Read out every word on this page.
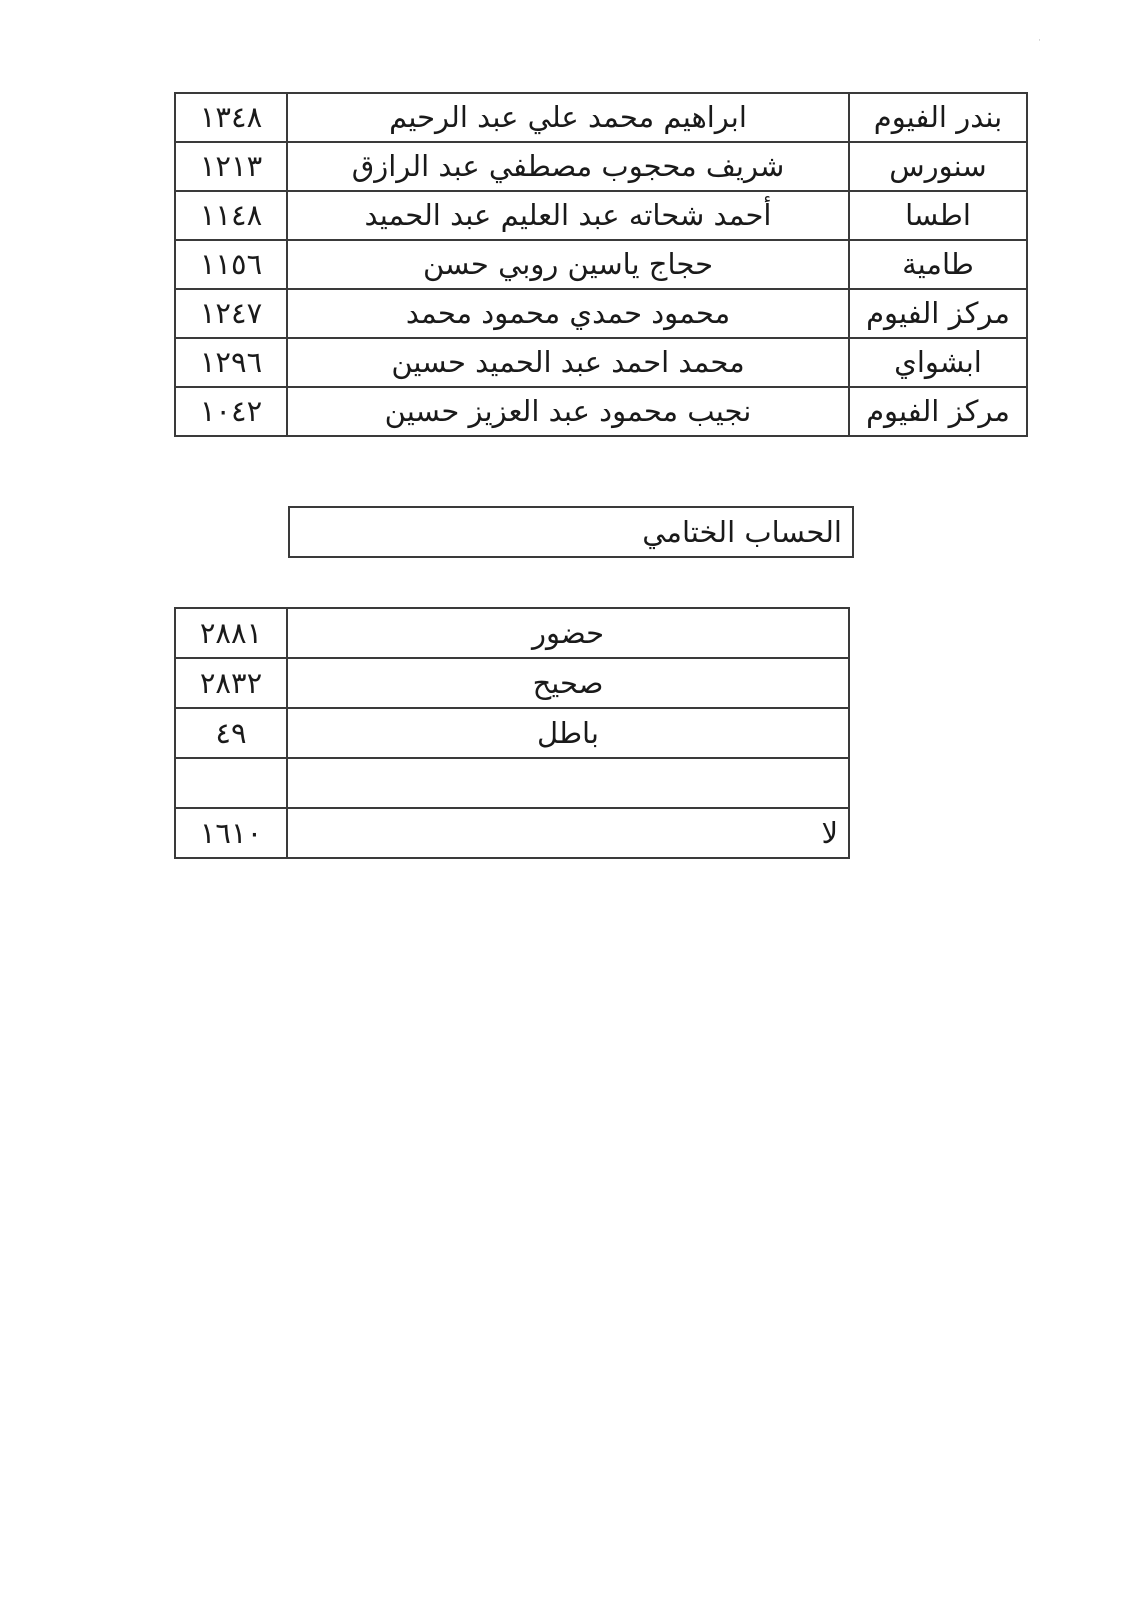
·
بندر الفيوم	ابراهيم محمد علي عبد الرحيم	١٣٤٨
سنورس	شريف محجوب مصطفي عبد الرازق	١٢١٣
اطسا	أحمد شحاته عبد العليم عبد الحميد	١١٤٨
طامية	حجاج ياسين روبي حسن	١١٥٦
مركز الفيوم	محمود حمدي محمود محمد	١٢٤٧
ابشواي	محمد احمد عبد الحميد حسين	١٢٩٦
مركز الفيوم	نجيب محمود عبد العزيز حسين	١٠٤٢
الحساب الختامي
حضور	٢٨٨١
صحيح	٢٨٣٢
باطل	٤٩

لا	١٦١٠
